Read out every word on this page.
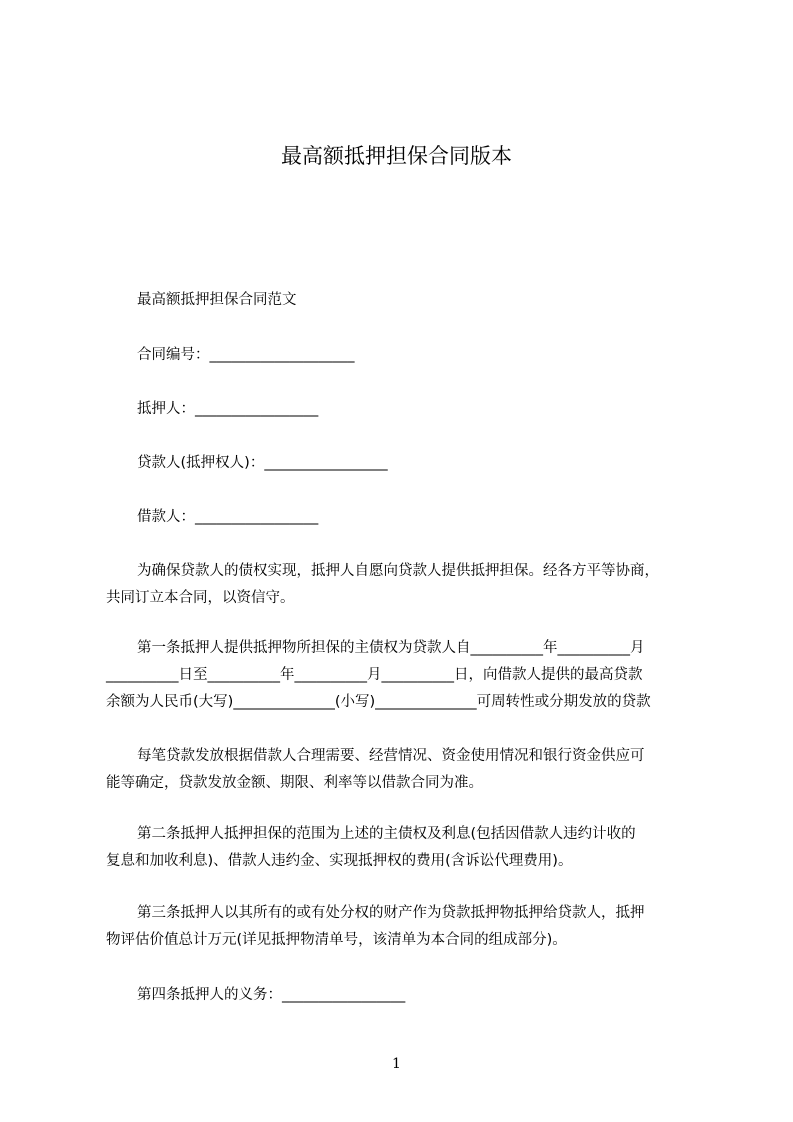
最高额抵押担保合同版本
最高额抵押担保合同范文
合同编号：____________________
抵押人：_________________
贷款人(抵押权人)：_________________
借款人：_________________
为确保贷款人的债权实现，抵押人自愿向贷款人提供抵押担保。经各方平等协商，
共同订立本合同，以资信守。
第一条抵押人提供抵押物所担保的主债权为贷款人自__________年__________月
__________日至__________年__________月__________日，向借款人提供的最高贷款
余额为人民币(大写)______________(小写)______________可周转性或分期发放的贷款
每笔贷款发放根据借款人合理需要、经营情况、资金使用情况和银行资金供应可
能等确定，贷款发放金额、期限、利率等以借款合同为准。
第二条抵押人抵押担保的范围为上述的主债权及利息(包括因借款人违约计收的
复息和加收利息)、借款人违约金、实现抵押权的费用(含诉讼代理费用)。
第三条抵押人以其所有的或有处分权的财产作为贷款抵押物抵押给贷款人，抵押
物评估价值总计万元(详见抵押物清单号，该清单为本合同的组成部分)。
第四条抵押人的义务：_________________
1
